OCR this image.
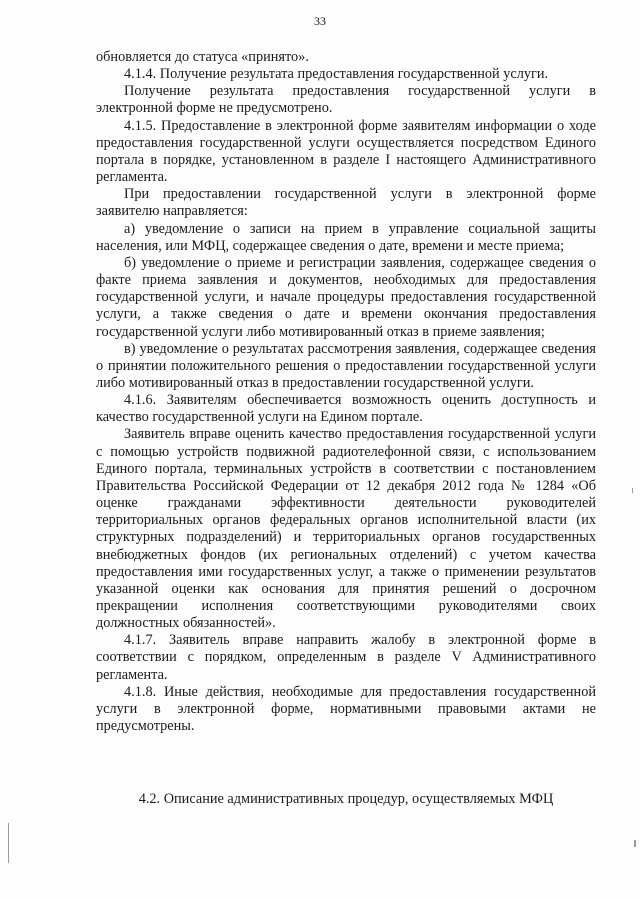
33

обновляется до статуса «принято».

4.1.4. Получение результата предоставления государственной услуги.

Получение результата предоставления государственной услуги в электронной форме не предусмотрено.

4.1.5. Предоставление в электронной форме заявителям информации о ходе предоставления государственной услуги осуществляется посредством Единого портала в порядке, установленном в разделе I настоящего Административного регламента.

При предоставлении государственной услуги в электронной форме заявителю направляется:

а) уведомление о записи на прием в управление социальной защиты населения, или МФЦ, содержащее сведения о дате, времени и месте приема;

б) уведомление о приеме и регистрации заявления, содержащее сведения о факте приема заявления и документов, необходимых для предоставления государственной услуги, и начале процедуры предоставления государственной услуги, а также сведения о дате и времени окончания предоставления государственной услуги либо мотивированный отказ в приеме заявления;

в) уведомление о результатах рассмотрения заявления, содержащее сведения о принятии положительного решения о предоставлении государственной услуги либо мотивированный отказ в предоставлении государственной услуги.

4.1.6. Заявителям обеспечивается возможность оценить доступность и качество государственной услуги на Едином портале.

Заявитель вправе оценить качество предоставления государственной услуги с помощью устройств подвижной радиотелефонной связи, с использованием Единого портала, терминальных устройств в соответствии с постановлением Правительства Российской Федерации от 12 декабря 2012 года № 1284 «Об оценке гражданами эффективности деятельности руководителей территориальных органов федеральных органов исполнительной власти (их структурных подразделений) и территориальных органов государственных внебюджетных фондов (их региональных отделений) с учетом качества предоставления ими государственных услуг, а также о применении результатов указанной оценки как основания для принятия решений о досрочном прекращении исполнения соответствующими руководителями своих должностных обязанностей».

4.1.7. Заявитель вправе направить жалобу в электронной форме в соответствии с порядком, определенным в разделе V Административного регламента.

4.1.8. Иные действия, необходимые для предоставления государственной услуги в электронной форме, нормативными правовыми актами не предусмотрены.

4.2. Описание административных процедур, осуществляемых МФЦ
